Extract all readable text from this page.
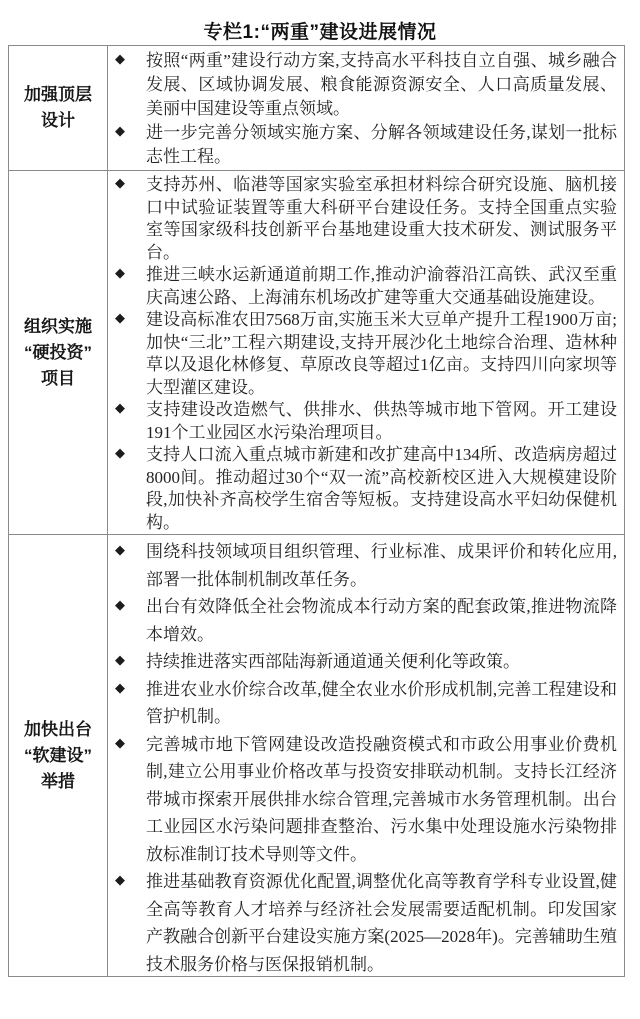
专栏1:“两重”建设进展情况
加强顶层
设计
◆ 按照“两重”建设行动方案,支持高水平科技自立自强、城乡融合发展、区域协调发展、粮食能源资源安全、人口高质量发展、美丽中国建设等重点领域。
◆ 进一步完善分领域实施方案、分解各领域建设任务,谋划一批标志性工程。
组织实施
“硬投资”
项目
◆ 支持苏州、临港等国家实验室承担材料综合研究设施、脑机接口中试验证装置等重大科研平台建设任务。支持全国重点实验室等国家级科技创新平台基地建设重大技术研发、测试服务平台。
◆ 推进三峡水运新通道前期工作,推动沪渝蓉沿江高铁、武汉至重庆高速公路、上海浦东机场改扩建等重大交通基础设施建设。
◆ 建设高标准农田7568万亩,实施玉米大豆单产提升工程1900万亩;加快“三北”工程六期建设,支持开展沙化土地综合治理、造林种草以及退化林修复、草原改良等超过1亿亩。支持四川向家坝等大型灌区建设。
◆ 支持建设改造燃气、供排水、供热等城市地下管网。开工建设191个工业园区水污染治理项目。
◆ 支持人口流入重点城市新建和改扩建高中134所、改造病房超过8000间。推动超过30个“双一流”高校新校区进入大规模建设阶段,加快补齐高校学生宿舍等短板。支持建设高水平妇幼保健机构。
加快出台
“软建设”
举措
◆ 围绕科技领域项目组织管理、行业标准、成果评价和转化应用,部署一批体制机制改革任务。
◆ 出台有效降低全社会物流成本行动方案的配套政策,推进物流降本增效。
◆ 持续推进落实西部陆海新通道通关便利化等政策。
◆ 推进农业水价综合改革,健全农业水价形成机制,完善工程建设和管护机制。
◆ 完善城市地下管网建设改造投融资模式和市政公用事业价费机制,建立公用事业价格改革与投资安排联动机制。支持长江经济带城市探索开展供排水综合管理,完善城市水务管理机制。出台工业园区水污染问题排查整治、污水集中处理设施水污染物排放标准制订技术导则等文件。
◆ 推进基础教育资源优化配置,调整优化高等教育学科专业设置,健全高等教育人才培养与经济社会发展需要适配机制。印发国家产教融合创新平台建设实施方案(2025—2028年)。完善辅助生殖技术服务价格与医保报销机制。
